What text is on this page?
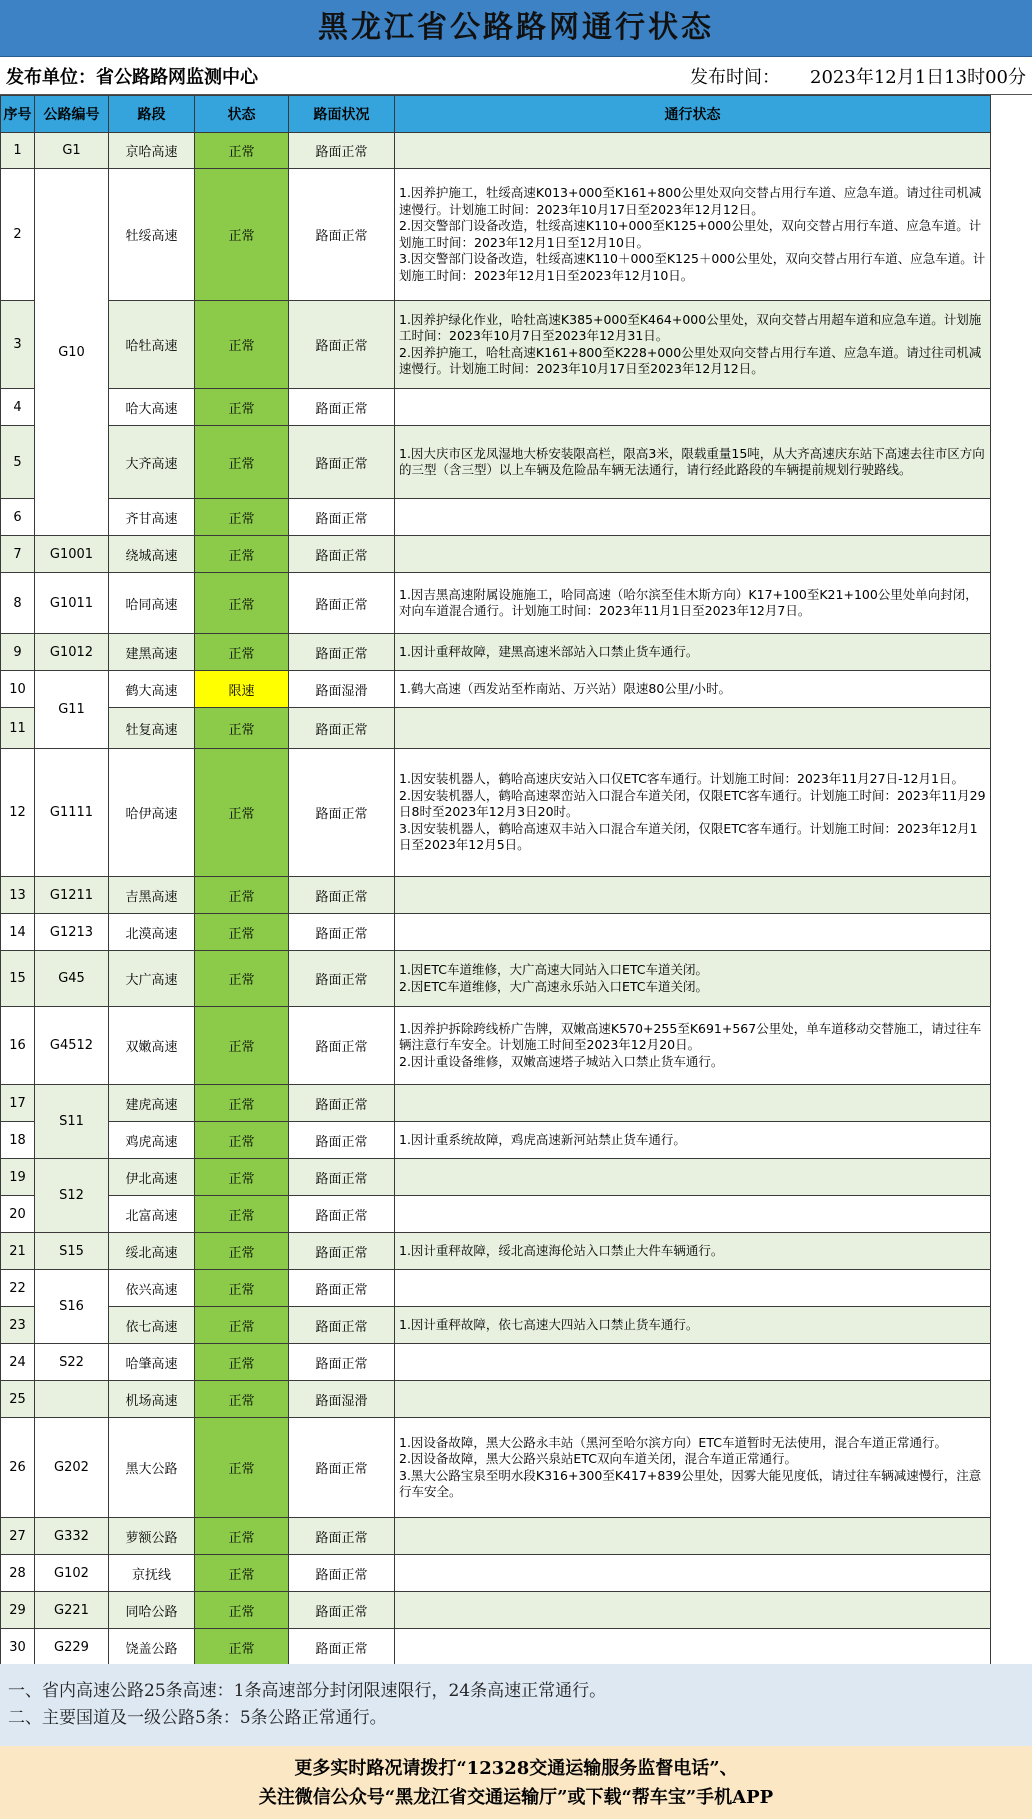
黑龙江省公路路网通行状态
发布单位：省公路路网监测中心	发布时间： 2023年12月1日13时00分
序号	公路编号	路段	状态	路面状况	通行状态
1	G1	京哈高速	正常	路面正常	
2	G10	牡绥高速	正常	路面正常	1.因养护施工，牡绥高速K013+000至K161+800公里处双向交替占用行车道、应急车道。请过往司机减速慢行。计划施工时间：2023年10月17日至2023年12月12日。
2.因交警部门设备改造，牡绥高速K110+000至K125+000公里处，双向交替占用行车道、应急车道。计划施工时间：2023年12月1日至12月10日。
3.因交警部门设备改造，牡绥高速K110＋000至K125＋000公里处，双向交替占用行车道、应急车道。计划施工时间：2023年12月1日至2023年12月10日。

3		哈牡高速	正常	路面正常	1.因养护绿化作业，哈牡高速K385+000至K464+000公里处，双向交替占用超车道和应急车道。计划施工时间：2023年10月7日至2023年12月31日。
2.因养护施工，哈牡高速K161+800至K228+000公里处双向交替占用行车道、应急车道。请过往司机减速慢行。计划施工时间：2023年10月17日至2023年12月12日。

4		哈大高速	正常	路面正常	
5		大齐高速	正常	路面正常	1.因大庆市区龙凤湿地大桥安装限高栏，限高3米，限载重量15吨，从大齐高速庆东站下高速去往市区方向的三型（含三型）以上车辆及危险品车辆无法通行，请行经此路段的车辆提前规划行驶路线。

6		齐甘高速	正常	路面正常	
7	G1001	绕城高速	正常	路面正常	
8	G1011	哈同高速	正常	路面正常	1.因吉黑高速附属设施施工，哈同高速（哈尔滨至佳木斯方向）K17+100至K21+100公里处单向封闭，对向车道混合通行。计划施工时间：2023年11月1日至2023年12月7日。

9	G1012	建黑高速	正常	路面正常	1.因计重秤故障，建黑高速米部站入口禁止货车通行。

10	G11	鹤大高速	限速	路面湿滑	1.鹤大高速（西发站至柞南站、万兴站）限速80公里/小时。

11		牡复高速	正常	路面正常	
12	G1111	哈伊高速	正常	路面正常	1.因安装机器人，鹤哈高速庆安站入口仅ETC客车通行。计划施工时间：2023年11月27日-12月1日。
2.因安装机器人，鹤哈高速翠峦站入口混合车道关闭，仅限ETC客车通行。计划施工时间：2023年11月29日8时至2023年12月3日20时。
3.因安装机器人，鹤哈高速双丰站入口混合车道关闭，仅限ETC客车通行。计划施工时间：2023年12月1日至2023年12月5日。

13	G1211	吉黑高速	正常	路面正常	
14	G1213	北漠高速	正常	路面正常	
15	G45	大广高速	正常	路面正常	1.因ETC车道维修，大广高速大同站入口ETC车道关闭。
2.因ETC车道维修，大广高速永乐站入口ETC车道关闭。

16	G4512	双嫩高速	正常	路面正常	1.因养护拆除跨线桥广告牌，双嫩高速K570+255至K691+567公里处，单车道移动交替施工，请过往车辆注意行车安全。计划施工时间至2023年12月20日。
2.因计重设备维修，双嫩高速塔子城站入口禁止货车通行。

17	S11	建虎高速	正常	路面正常	
18		鸡虎高速	正常	路面正常	1.因计重系统故障，鸡虎高速新河站禁止货车通行。

19	S12	伊北高速	正常	路面正常	
20		北富高速	正常	路面正常	
21	S15	绥北高速	正常	路面正常	1.因计重秤故障，绥北高速海伦站入口禁止大件车辆通行。

22	S16	依兴高速	正常	路面正常	
23		依七高速	正常	路面正常	1.因计重秤故障，依七高速大四站入口禁止货车通行。

24	S22	哈肇高速	正常	路面正常	
25		机场高速	正常	路面湿滑	
26	G202	黑大公路	正常	路面正常	1.因设备故障，黑大公路永丰站（黑河至哈尔滨方向）ETC车道暂时无法使用，混合车道正常通行。
2.因设备故障，黑大公路兴泉站ETC双向车道关闭，混合车道正常通行。
3.黑大公路宝泉至明水段K316+300至K417+839公里处，因雾大能见度低，请过往车辆减速慢行，注意行车安全。

27	G332	萝额公路	正常	路面正常	
28	G102	京抚线	正常	路面正常	
29	G221	同哈公路	正常	路面正常	
30	G229	饶盖公路	正常	路面正常	
一、省内高速公路25条高速：1条高速部分封闭限速限行，24条高速正常通行。
二、主要国道及一级公路5条：5条公路正常通行。
更多实时路况请拨打“12328交通运输服务监督电话”、
关注微信公众号“黑龙江省交通运输厅”或下载“帮车宝”手机APP
